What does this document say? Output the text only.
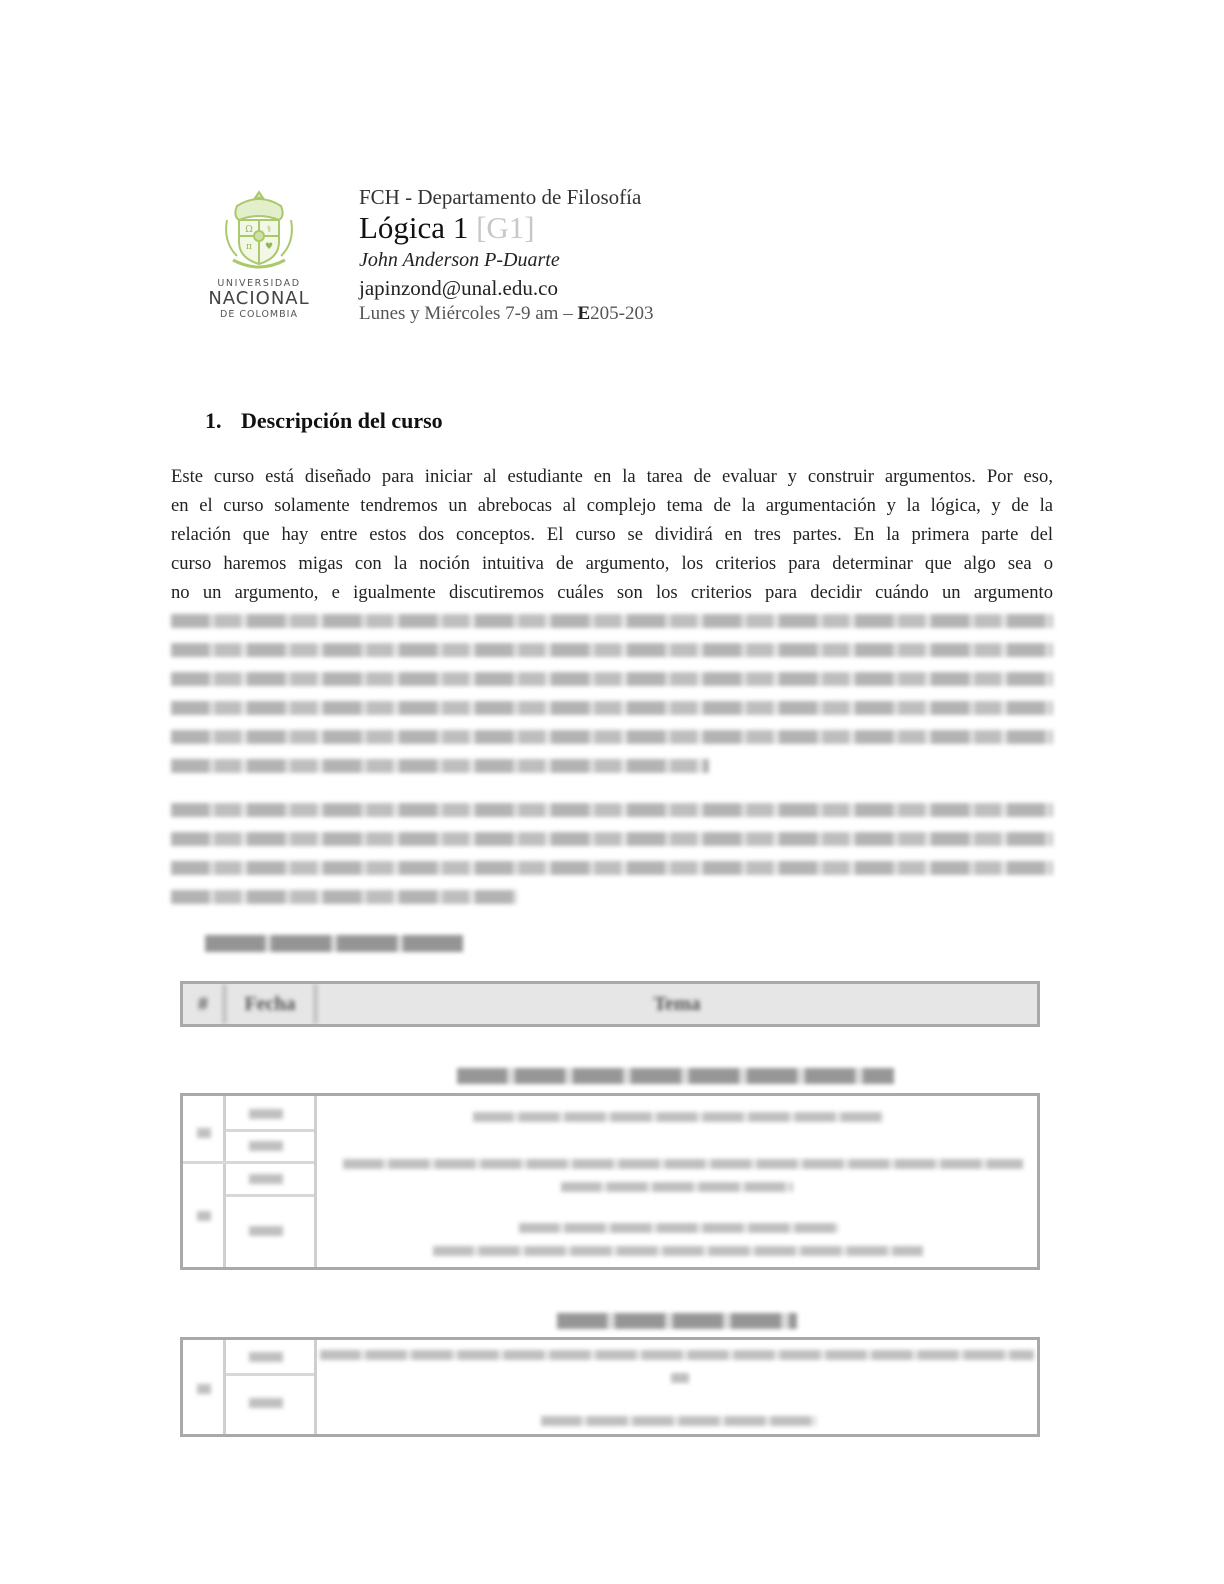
Ω ⚕
π ♥
UNIVERSIDAD
NACIONAL
DE COLOMBIA
FCH - Departamento de Filosofía
Lógica 1 [G1]
John Anderson P-Duarte
japinzond@unal.edu.co
Lunes y Miércoles 7-9 am – E205-203
1. Descripción del curso
Este curso está diseñado para iniciar al estudiante en la tarea de evaluar y construir argumentos. Por eso,
en el curso solamente tendremos un abrebocas al complejo tema de la argumentación y la lógica, y de la
relación que hay entre estos dos conceptos. El curso se dividirá en tres partes. En la primera parte del
curso haremos migas con la noción intuitiva de argumento, los criterios para determinar que algo sea o
no un argumento, e igualmente discutiremos cuáles son los criterios para decidir cuándo un argumento
#	Fecha	Tema
